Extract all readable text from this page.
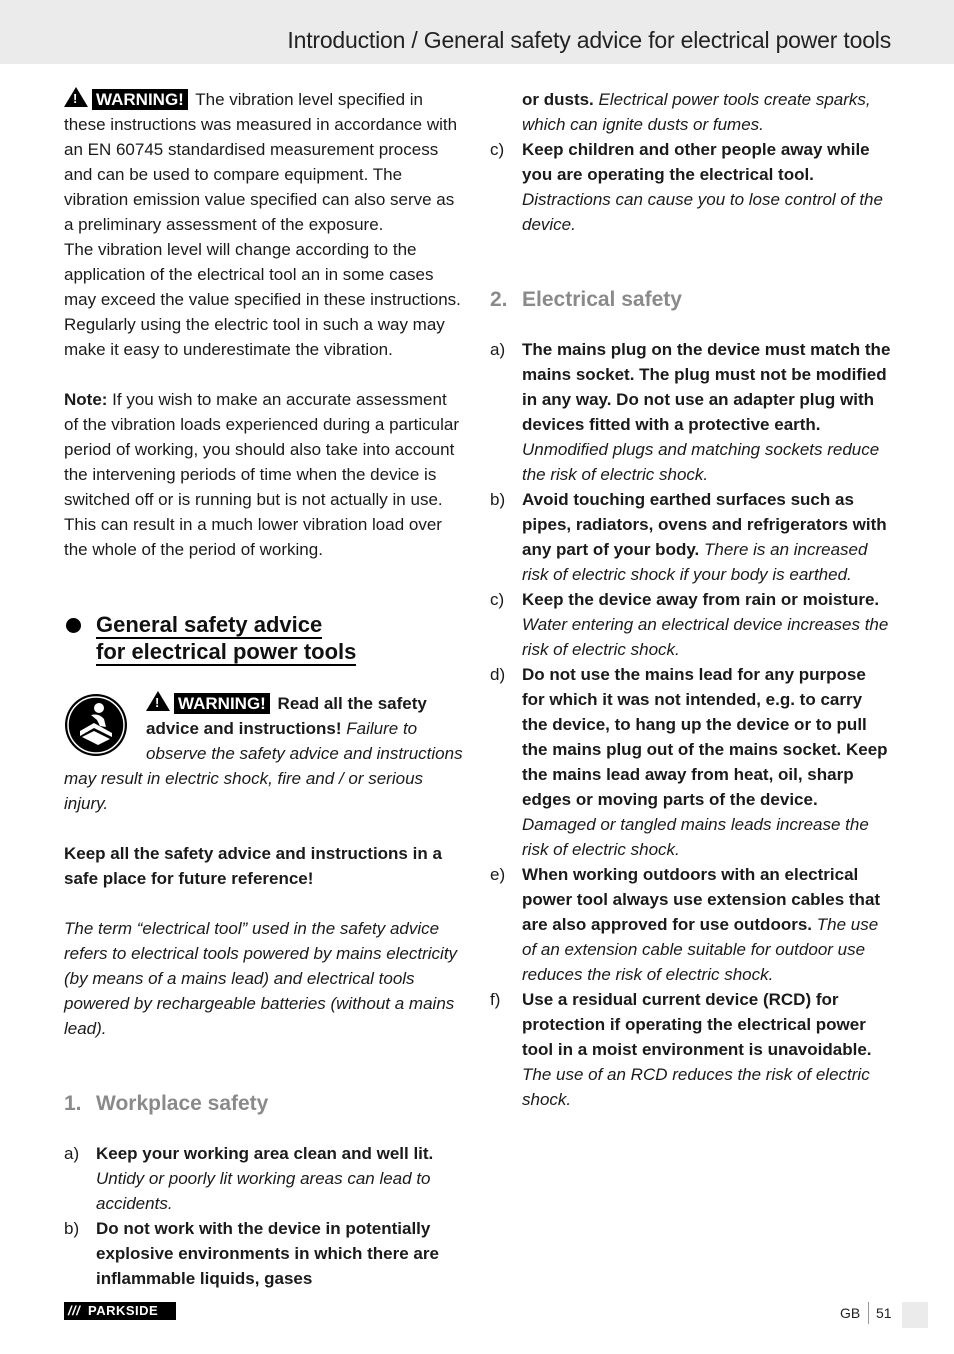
Introduction / General safety advice for electrical power tools

!WARNING! The vibration level specified in these instructions was measured in accordance with an EN 60745 standardised measurement process and can be used to compare equipment. The vibration emission value specified can also serve as a preliminary assessment of the exposure.

The vibration level will change according to the application of the electrical tool an in some cases may exceed the value specified in these instructions. Regularly using the electric tool in such a way may make it easy to underestimate the vibration.

Note: If you wish to make an accurate assessment of the vibration loads experienced during a particular period of working, you should also take into account the intervening periods of time when the device is switched off or is running but is not actually in use. This can result in a much lower vibration load over the whole of the period of working.

General safety advice
for electrical power tools

!WARNING! Read all the safety advice and instructions! Failure to observe the safety advice and instructions

may result in electric shock, fire and / or serious injury.

Keep all the safety advice and instructions in a safe place for future reference!

The term “electrical tool” used in the safety advice refers to electrical tools powered by mains electricity (by means of a mains lead) and electrical tools powered by rechargeable batteries (without a mains lead).

1. Workplace safety
a) Keep your working area clean and well lit. Untidy or poorly lit working areas can lead to accidents.
b) Do not work with the device in potentially explosive environments in which there are inflammable liquids, gases
or dusts. Electrical power tools create sparks, which can ignite dusts or fumes.
c) Keep children and other people away while you are operating the electrical tool. Distractions can cause you to lose control of the device.
2. Electrical safety
a) The mains plug on the device must match the mains socket. The plug must not be modified in any way. Do not use an adapter plug with devices fitted with a protective earth. Unmodified plugs and matching sockets reduce the risk of electric shock.
b) Avoid touching earthed surfaces such as pipes, radiators, ovens and refrigerators with any part of your body. There is an increased risk of electric shock if your body is earthed.
c) Keep the device away from rain or moisture. Water entering an electrical device increases the risk of electric shock.
d) Do not use the mains lead for any purpose for which it was not intended, e.g. to carry the device, to hang up the device or to pull the mains plug out of the mains socket. Keep the mains lead away from heat, oil, sharp edges or moving parts of the device. Damaged or tangled mains leads increase the risk of electric shock.
e) When working outdoors with an electrical power tool always use extension cables that are also approved for use outdoors. The use of an extension cable suitable for outdoor use reduces the risk of electric shock.
f) Use a residual current device (RCD) for protection if operating the electrical power tool in a moist environment is unavoidable. The use of an RCD reduces the risk of electric shock.
/// PARKSIDE	GB 51
